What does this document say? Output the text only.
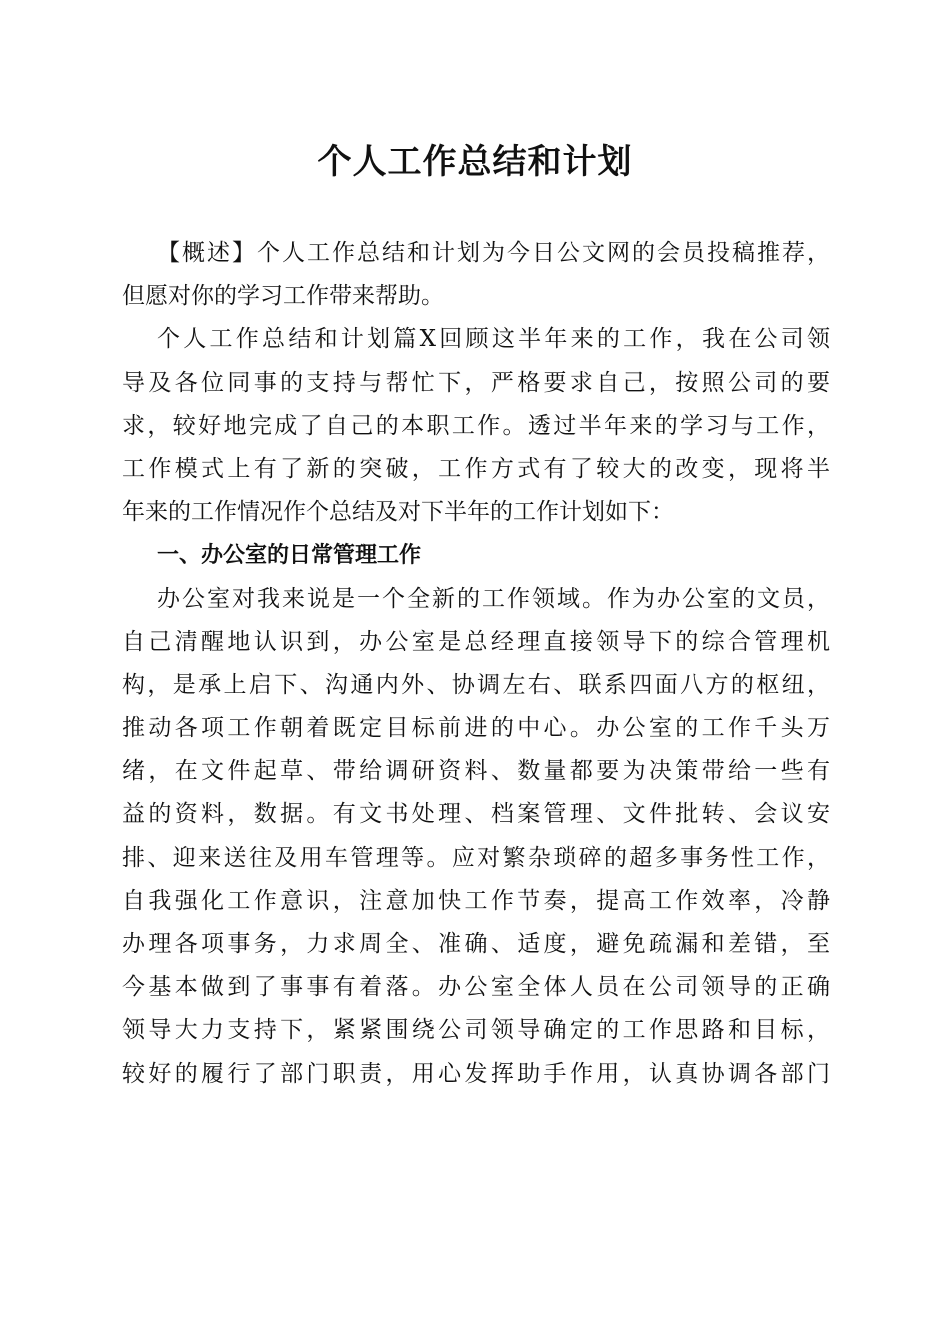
个人工作总结和计划
【概述】个人工作总结和计划为今日公文网的会员投稿推荐，
但愿对你的学习工作带来帮助。
个人工作总结和计划篇X回顾这半年来的工作，我在公司领
导及各位同事的支持与帮忙下，严格要求自己，按照公司的要
求，较好地完成了自己的本职工作。透过半年来的学习与工作，
工作模式上有了新的突破，工作方式有了较大的改变，现将半
年来的工作情况作个总结及对下半年的工作计划如下：
一、办公室的日常管理工作
办公室对我来说是一个全新的工作领域。作为办公室的文员，
自己清醒地认识到，办公室是总经理直接领导下的综合管理机
构，是承上启下、沟通内外、协调左右、联系四面八方的枢纽，
推动各项工作朝着既定目标前进的中心。办公室的工作千头万
绪，在文件起草、带给调研资料、数量都要为决策带给一些有
益的资料，数据。有文书处理、档案管理、文件批转、会议安
排、迎来送往及用车管理等。应对繁杂琐碎的超多事务性工作，
自我强化工作意识，注意加快工作节奏，提高工作效率，冷静
办理各项事务，力求周全、准确、适度，避免疏漏和差错，至
今基本做到了事事有着落。办公室全体人员在公司领导的正确
领导大力支持下，紧紧围绕公司领导确定的工作思路和目标，
较好的履行了部门职责，用心发挥助手作用，认真协调各部门
